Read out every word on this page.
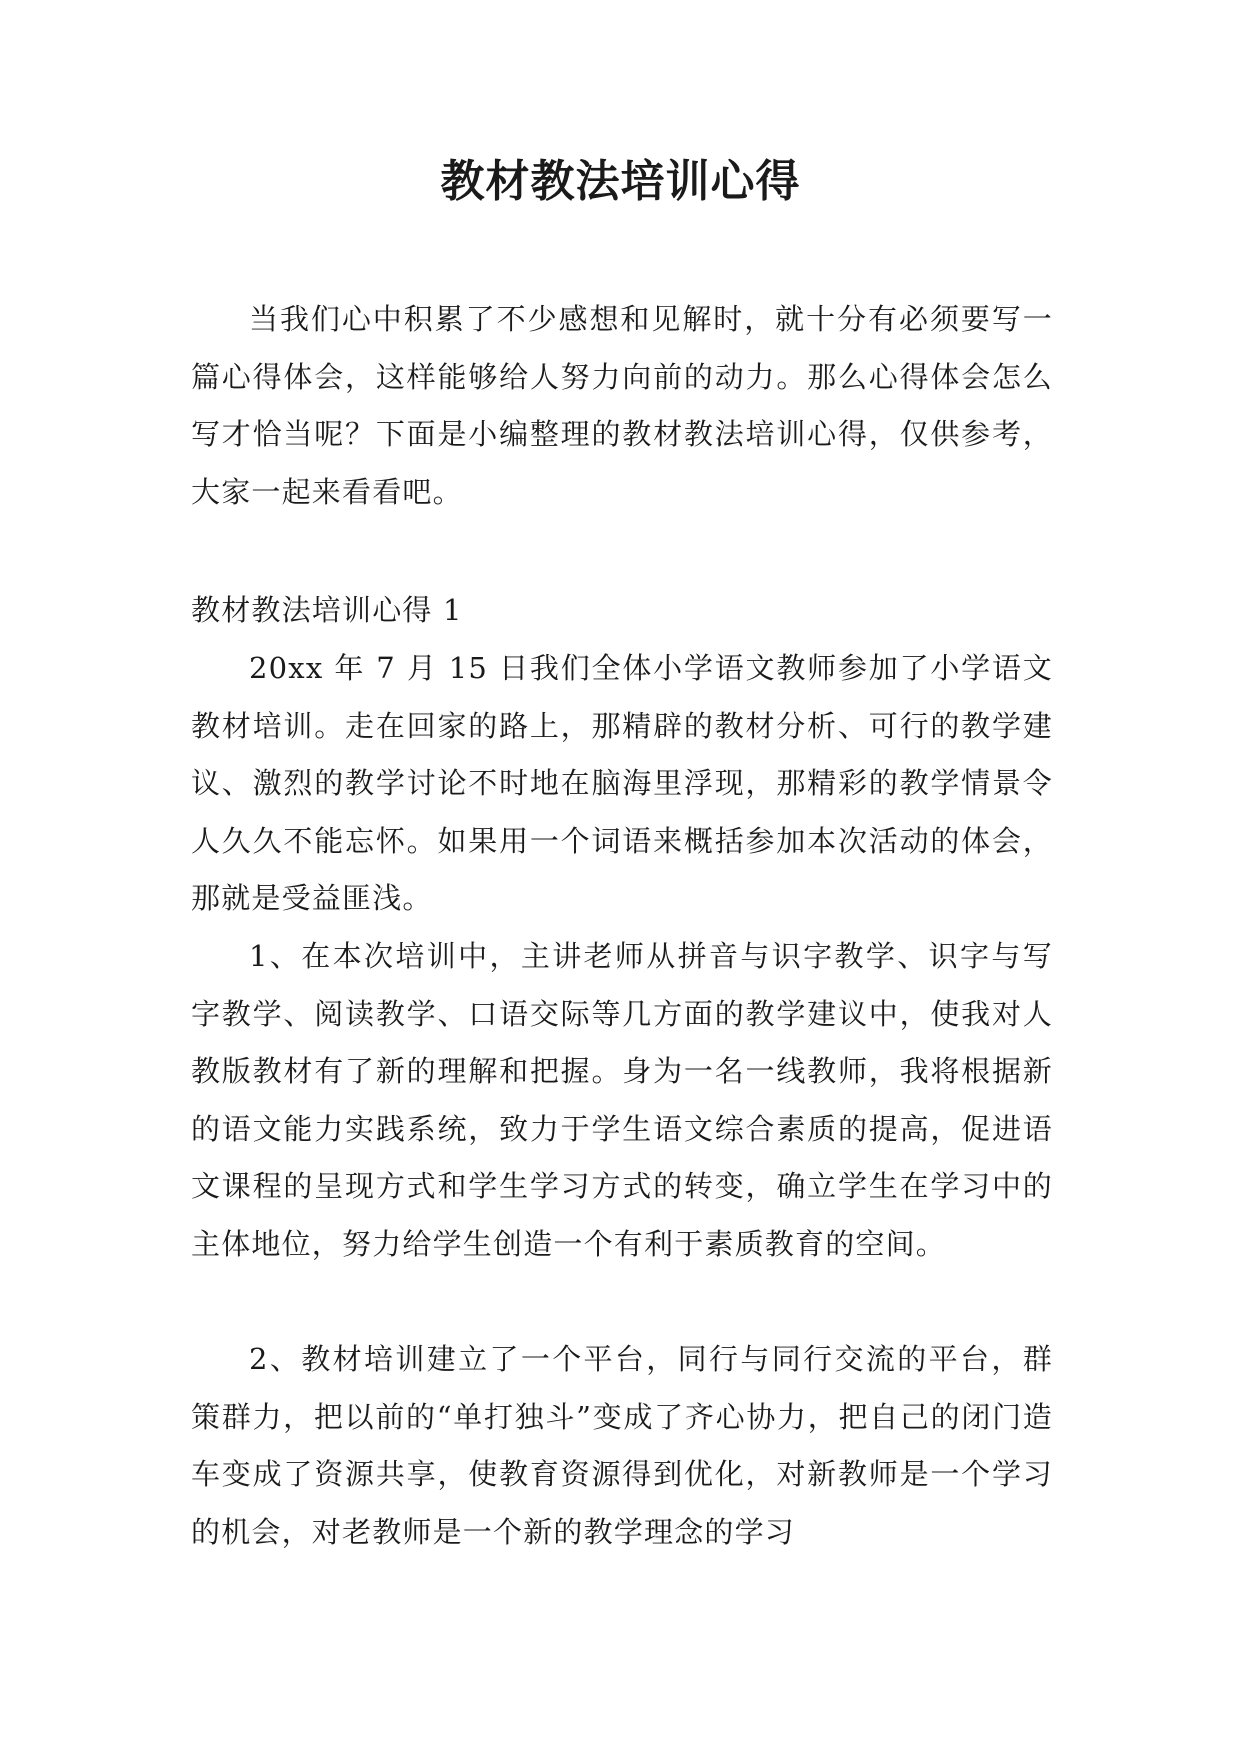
教材教法培训心得

当我们心中积累了不少感想和见解时，就十分有必须要写一篇心得体会，这样能够给人努力向前的动力。那么心得体会怎么写才恰当呢？下面是小编整理的教材教法培训心得，仅供参考，大家一起来看看吧。

教材教法培训心得 1

20xx 年 7 月 15 日我们全体小学语文教师参加了小学语文教材培训。走在回家的路上，那精辟的教材分析、可行的教学建议、激烈的教学讨论不时地在脑海里浮现，那精彩的教学情景令人久久不能忘怀。如果用一个词语来概括参加本次活动的体会，那就是受益匪浅。

1、在本次培训中，主讲老师从拼音与识字教学、识字与写字教学、阅读教学、口语交际等几方面的教学建议中，使我对人教版教材有了新的理解和把握。身为一名一线教师，我将根据新的语文能力实践系统，致力于学生语文综合素质的提高，促进语文课程的呈现方式和学生学习方式的转变，确立学生在学习中的主体地位，努力给学生创造一个有利于素质教育的空间。

2、教材培训建立了一个平台，同行与同行交流的平台，群策群力，把以前的“单打独斗”变成了齐心协力，把自己的闭门造车变成了资源共享，使教育资源得到优化，对新教师是一个学习的机会，对老教师是一个新的教学理念的学习
